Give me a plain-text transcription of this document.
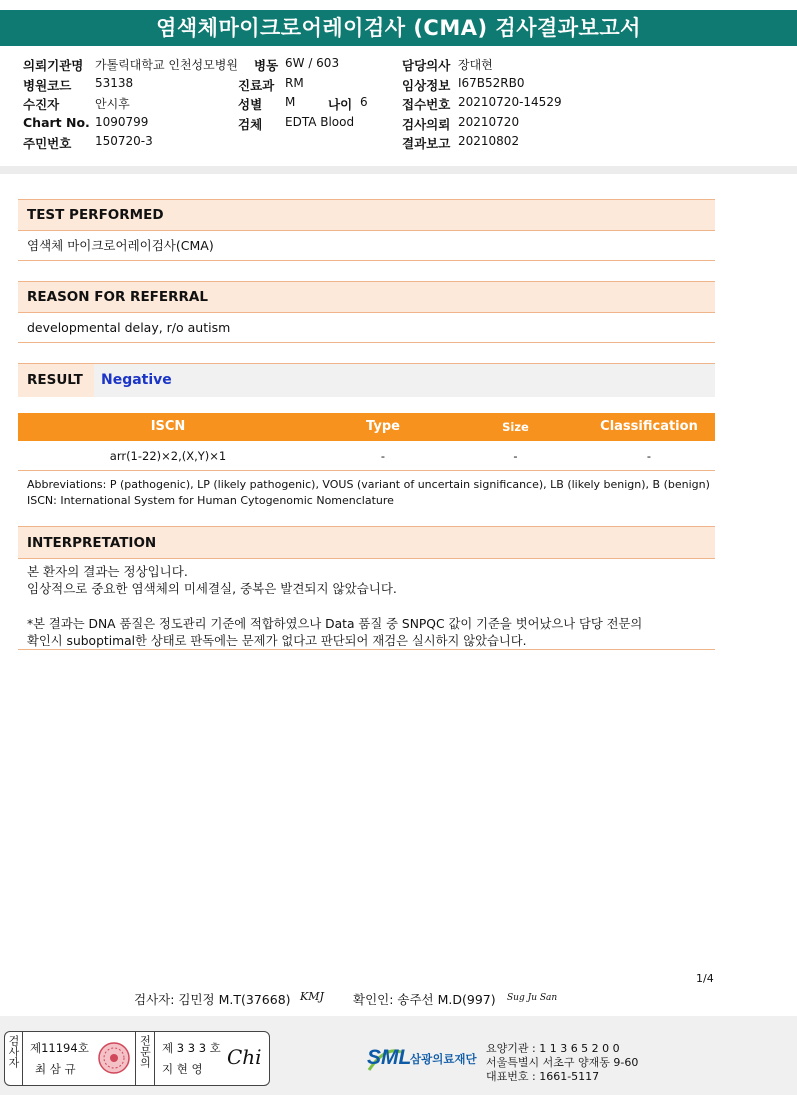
염색체마이크로어레이검사 (CMA) 검사결과보고서
의뢰기관명 가톨릭대학교 인천성모병원 병동 6W / 603	담당의사 장대현
병원코드 53138	진료과 RM	임상정보 I67B52RB0
수진자	안시후	성별 M	나이 6	접수번호 20210720-14529
Chart No. 1090799	검체 EDTA Blood	검사의뢰 20210720
주민번호 150720-3	결과보고 20210802
TEST PERFORMED
염색체 마이크로어레이검사(CMA)
REASON FOR REFERRAL
developmental delay, r/o autism
RESULT	Negative
ISCN	Type	Size	Classification
arr(1-22)×2,(X,Y)×1	-	-	-
Abbreviations: P (pathogenic), LP (likely pathogenic), VOUS (variant of uncertain significance), LB (likely benign), B (benign)
ISCN: International System for Human Cytogenomic Nomenclature
INTERPRETATION
본 환자의 결과는 정상입니다.
임상적으로 중요한 염색체의 미세결실, 중복은 발견되지 않았습니다.
*본 결과는 DNA 품질은 정도관리 기준에 적합하였으나 Data 품질 중 SNPQC 값이 기준을 벗어났으나 담당 전문의
확인시 suboptimal한 상태로 판독에는 문제가 없다고 판단되어 재검은 실시하지 않았습니다.
1/4
검사자: 김민정 M.T(37668) KMJ 확인인: 송주선 M.D(997) Sug Ju San
검사자 제11194호
최 삼 규
전문의 제 3 3 3 호
지 현 영 Chi	SML
삼광의료재단
요양기관 : 1 1 3 6 5 2 0 0
서울특별시 서초구 양재동 9-60
대표번호 : 1661-5117
